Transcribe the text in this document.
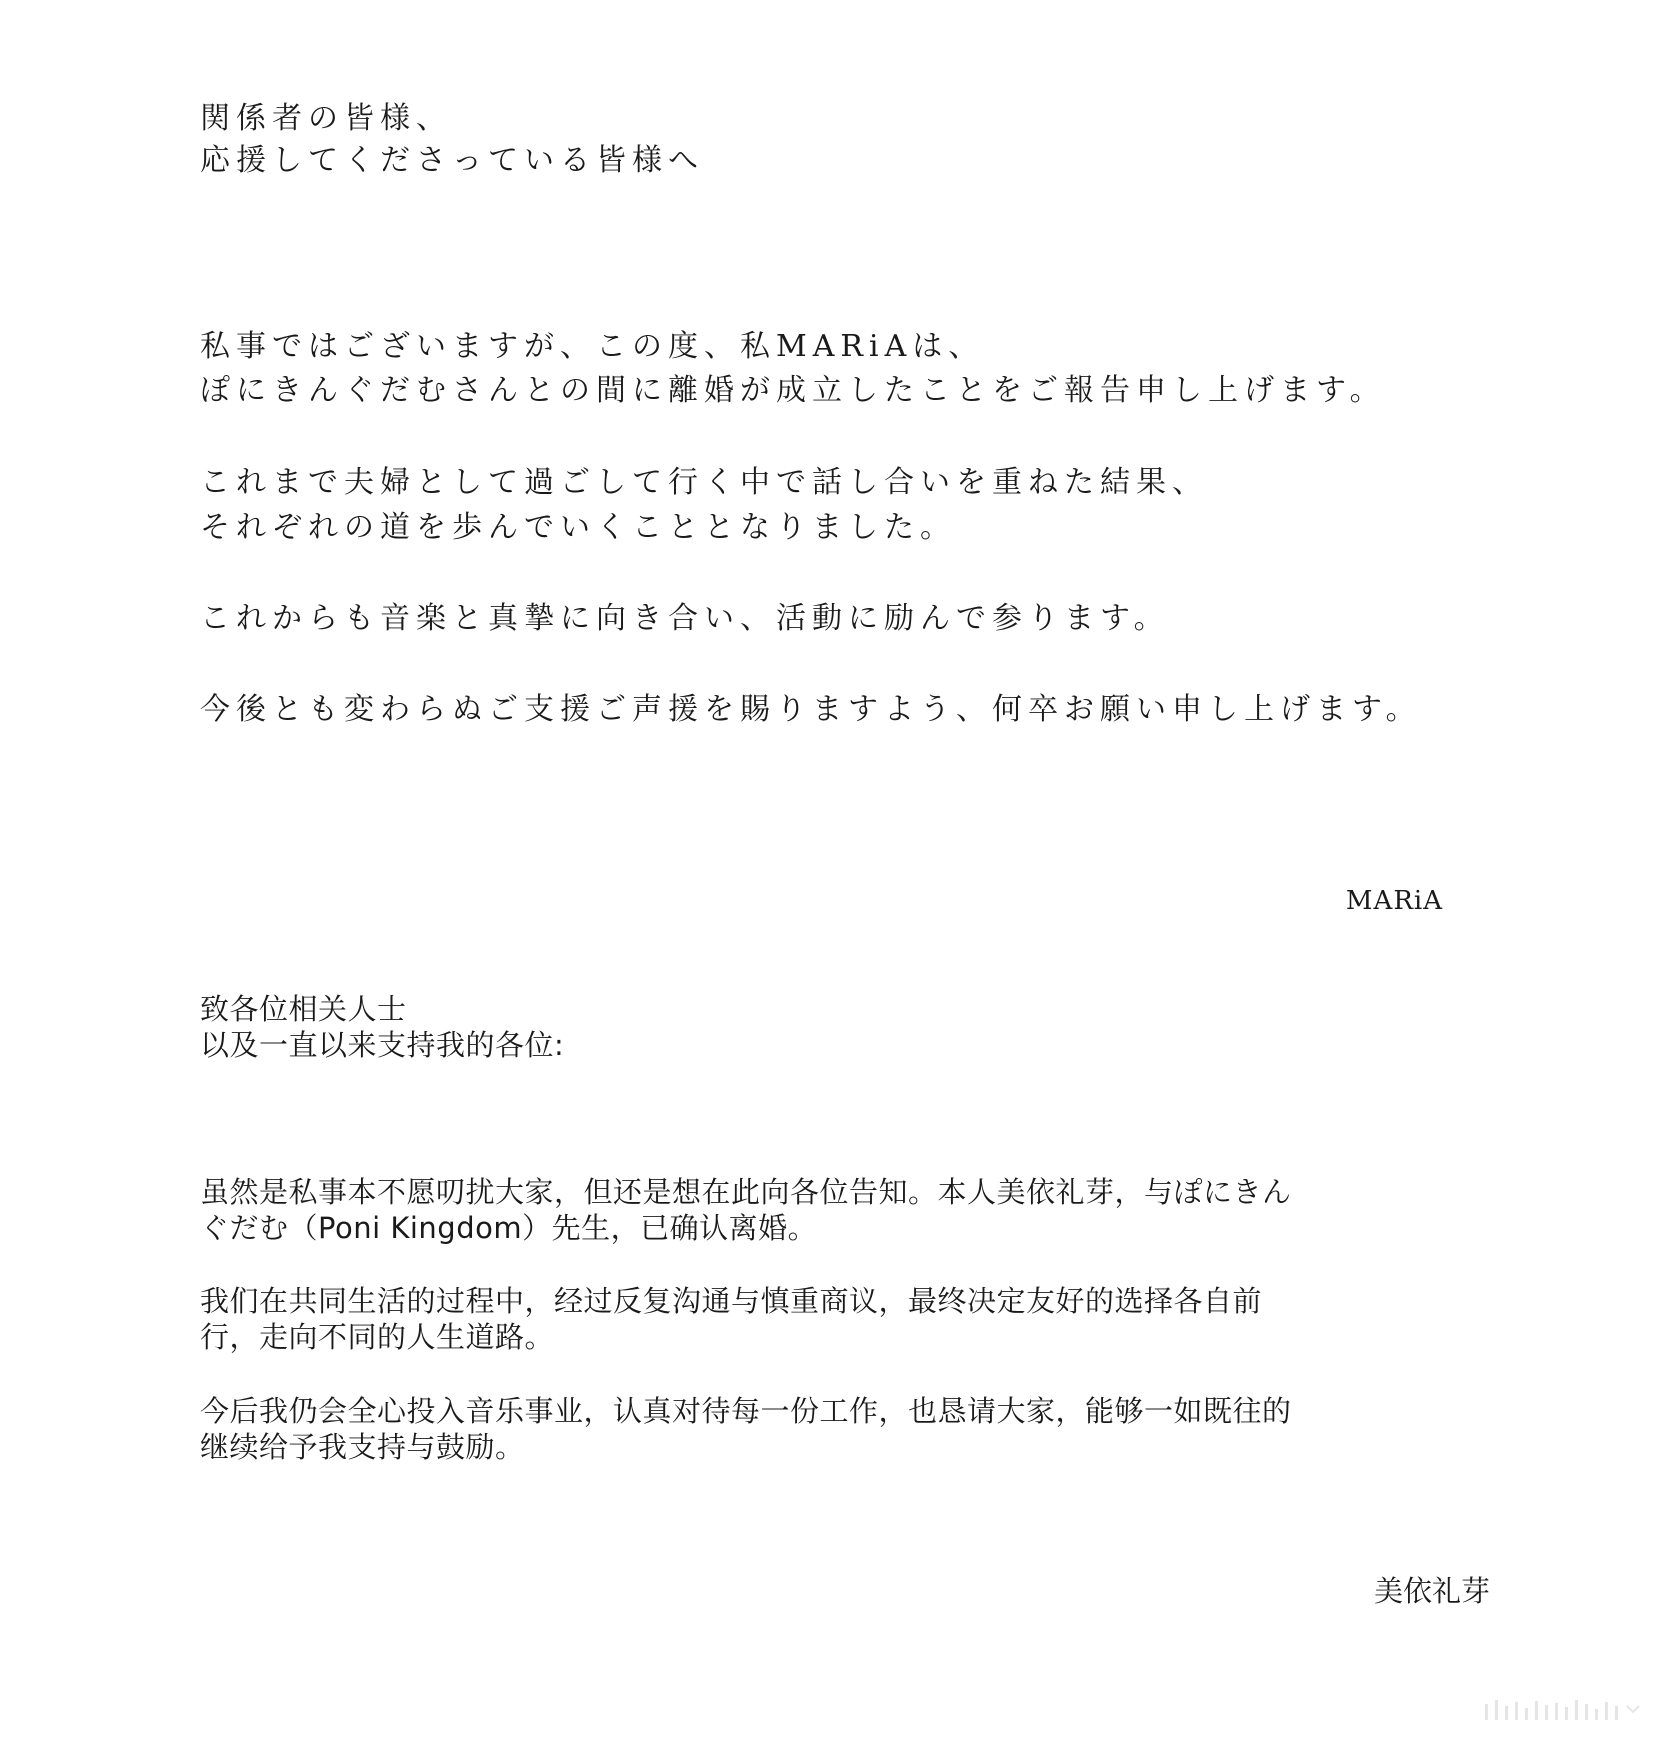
関係者の皆様、
応援してくださっている皆様へ
私事ではございますが、この度、私MARiAは、
ぽにきんぐだむさんとの間に離婚が成立したことをご報告申し上げます。
これまで夫婦として過ごして行く中で話し合いを重ねた結果、
それぞれの道を歩んでいくこととなりました。
これからも音楽と真摯に向き合い、活動に励んで参ります。
今後とも変わらぬご支援ご声援を賜りますよう、何卒お願い申し上げます。
MARiA
致各位相关人士
以及一直以来支持我的各位:
虽然是私事本不愿叨扰大家，但还是想在此向各位告知。本人美依礼芽，与ぽにきん
ぐだむ（Poni Kingdom）先生，已确认离婚。
我们在共同生活的过程中，经过反复沟通与慎重商议，最终决定友好的选择各自前
行，走向不同的人生道路。
今后我仍会全心投入音乐事业，认真对待每一份工作，也恳请大家，能够一如既往的
继续给予我支持与鼓励。
美依礼芽
